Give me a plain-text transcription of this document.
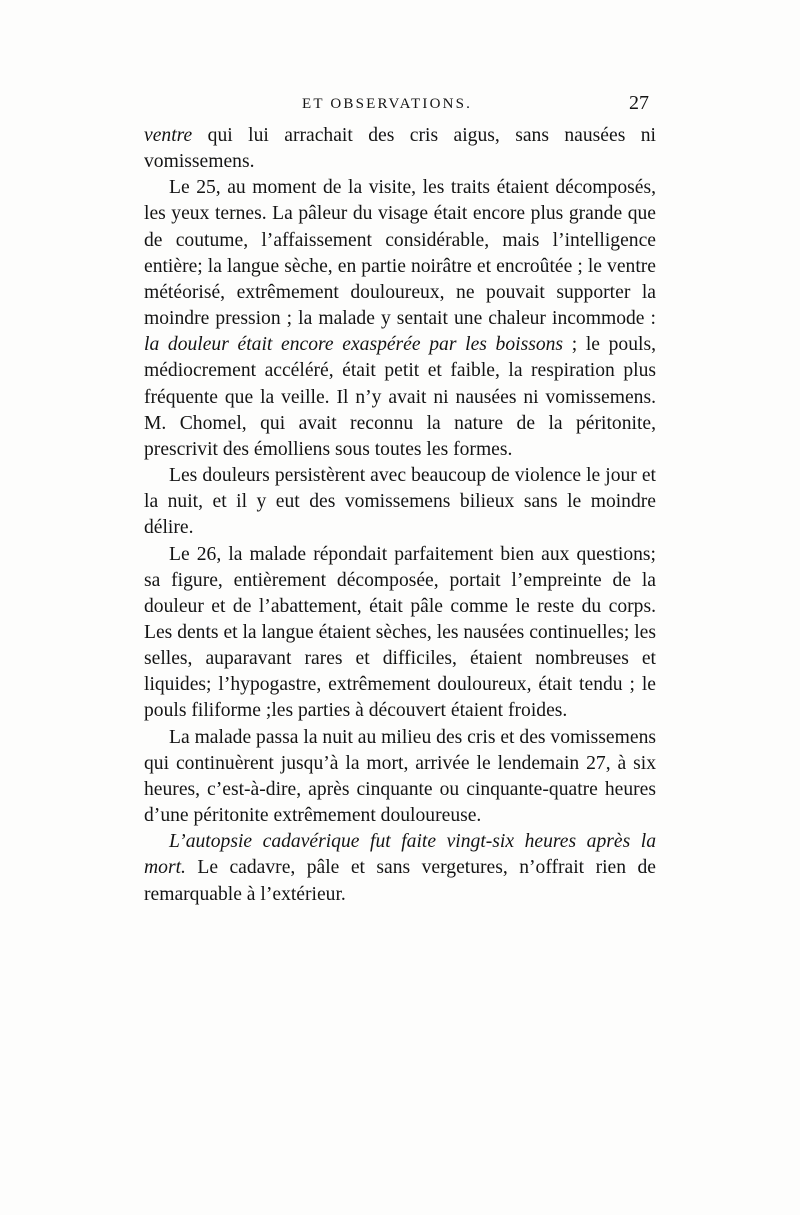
ET OBSERVATIONS.	27

ventre qui lui arrachait des cris aigus, sans nausées ni vomissemens.

Le 25, au moment de la visite, les traits étaient décomposés, les yeux ternes. La pâleur du visage était encore plus grande que de coutume, l’affaissement considérable, mais l’intelligence entière; la langue sèche, en partie noirâtre et encroûtée ; le ventre météorisé, extrêmement douloureux, ne pouvait supporter la moindre pression ; la malade y sentait une chaleur incommode : la douleur était encore exaspérée par les boissons ; le pouls, médiocrement accéléré, était petit et faible, la respiration plus fréquente que la veille. Il n’y avait ni nausées ni vomissemens. M. Chomel, qui avait reconnu la nature de la péritonite, prescrivit des émolliens sous toutes les formes.

Les douleurs persistèrent avec beaucoup de violence le jour et la nuit, et il y eut des vomissemens bilieux sans le moindre délire.

Le 26, la malade répondait parfaitement bien aux questions; sa figure, entièrement décomposée, portait l’empreinte de la douleur et de l’abattement, était pâle comme le reste du corps. Les dents et la langue étaient sèches, les nausées continuelles; les selles, auparavant rares et difficiles, étaient nombreuses et liquides; l’hypogastre, extrêmement douloureux, était tendu ; le pouls filiforme ;les parties à découvert étaient froides.

La malade passa la nuit au milieu des cris et des vomissemens qui continuèrent jusqu’à la mort, arrivée le lendemain 27, à six heures, c’est-à-dire, après cinquante ou cinquante-quatre heures d’une péritonite extrêmement douloureuse.

L’autopsie cadavérique fut faite vingt-six heures après la mort. Le cadavre, pâle et sans vergetures, n’offrait rien de remarquable à l’extérieur.
